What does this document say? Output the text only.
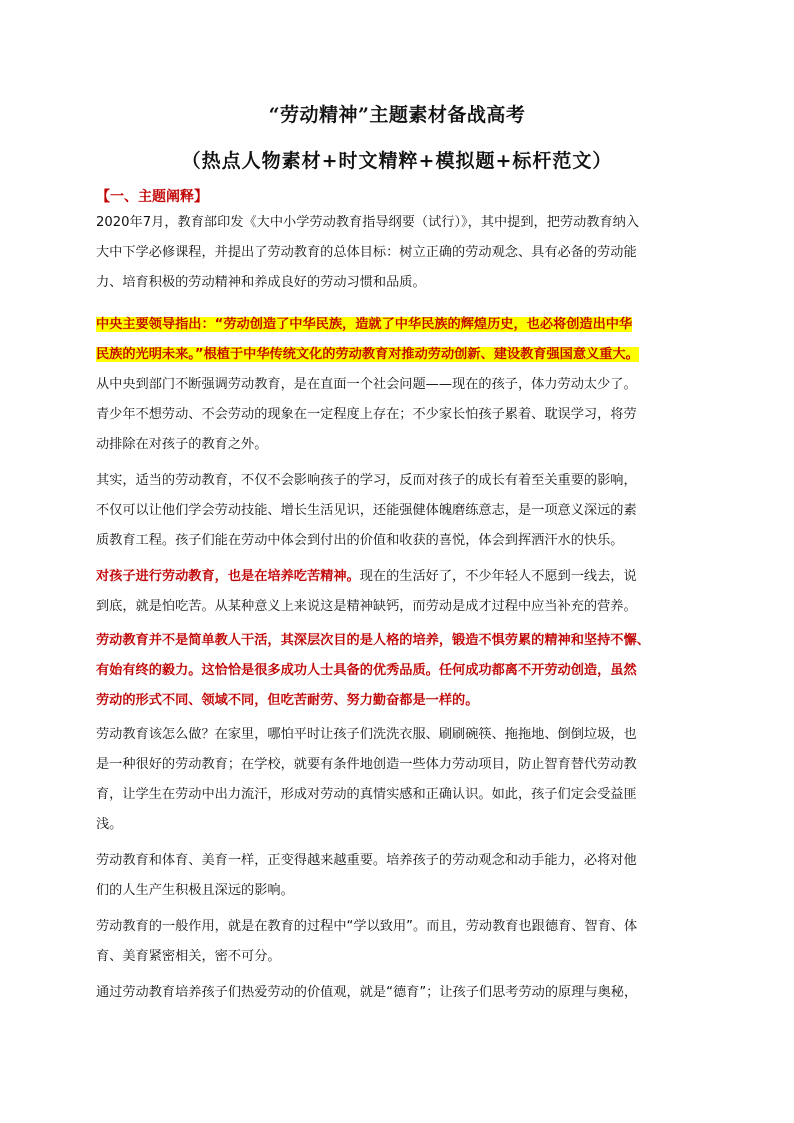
“劳动精神”主题素材备战高考
（热点人物素材+时文精粹+模拟题+标杆范文）
【一、主题阐释】
2020年7月，教育部印发《大中小学劳动教育指导纲要（试行）》，其中提到，把劳动教育纳入
大中下学必修课程，并提出了劳动教育的总体目标：树立正确的劳动观念、具有必备的劳动能
力、培育积极的劳动精神和养成良好的劳动习惯和品质。
中央主要领导指出：“劳动创造了中华民族，造就了中华民族的辉煌历史，也必将创造出中华
民族的光明未来。”根植于中华传统文化的劳动教育对推动劳动创新、建设教育强国意义重大。
从中央到部门不断强调劳动教育，是在直面一个社会问题——现在的孩子，体力劳动太少了。
青少年不想劳动、不会劳动的现象在一定程度上存在；不少家长怕孩子累着、耽误学习，将劳
动排除在对孩子的教育之外。
其实，适当的劳动教育，不仅不会影响孩子的学习，反而对孩子的成长有着至关重要的影响，
不仅可以让他们学会劳动技能、增长生活见识，还能强健体魄磨练意志，是一项意义深远的素
质教育工程。孩子们能在劳动中体会到付出的价值和收获的喜悦，体会到挥洒汗水的快乐。
对孩子进行劳动教育，也是在培养吃苦精神。现在的生活好了，不少年轻人不愿到一线去，说
到底，就是怕吃苦。从某种意义上来说这是精神缺钙，而劳动是成才过程中应当补充的营养。
劳动教育并不是简单教人干活，其深层次目的是人格的培养，锻造不惧劳累的精神和坚持不懈、
有始有终的毅力。这恰恰是很多成功人士具备的优秀品质。任何成功都离不开劳动创造，虽然
劳动的形式不同、领域不同，但吃苦耐劳、努力勤奋都是一样的。
劳动教育该怎么做？在家里，哪怕平时让孩子们洗洗衣服、刷刷碗筷、拖拖地、倒倒垃圾，也
是一种很好的劳动教育；在学校，就要有条件地创造一些体力劳动项目，防止智育替代劳动教
育，让学生在劳动中出力流汗，形成对劳动的真情实感和正确认识。如此，孩子们定会受益匪
浅。
劳动教育和体育、美育一样，正变得越来越重要。培养孩子的劳动观念和动手能力，必将对他
们的人生产生积极且深远的影响。
劳动教育的一般作用，就是在教育的过程中“学以致用”。而且，劳动教育也跟德育、智育、体
育、美育紧密相关，密不可分。
通过劳动教育培养孩子们热爱劳动的价值观，就是“德育”；让孩子们思考劳动的原理与奥秘，
